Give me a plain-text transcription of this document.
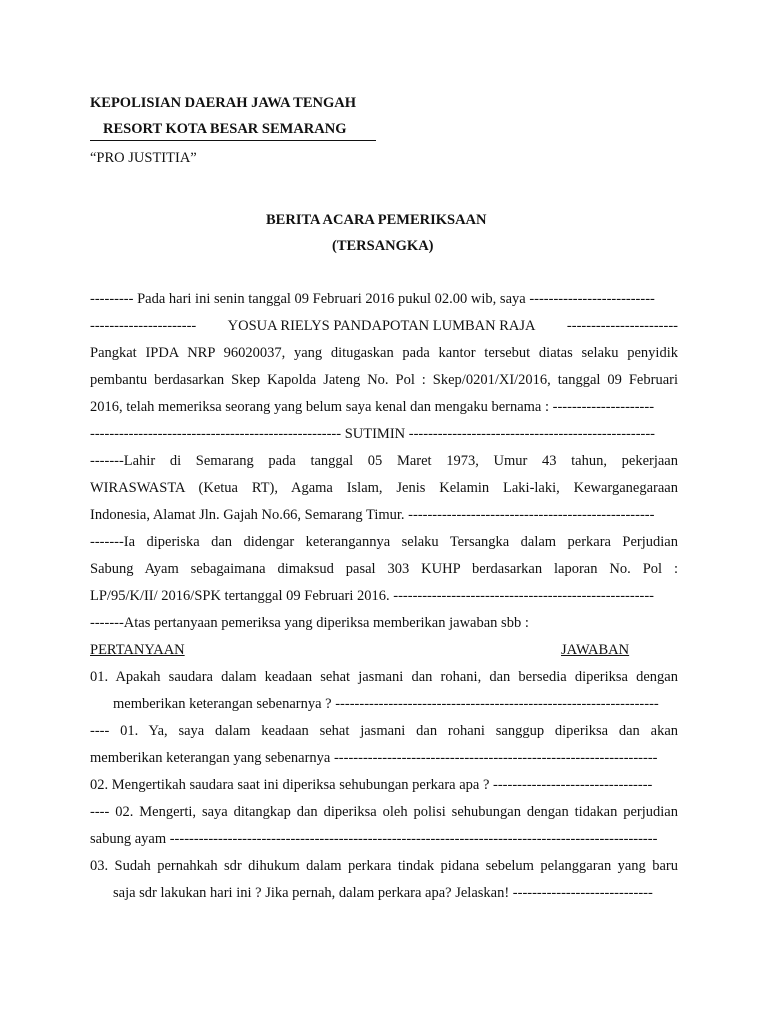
KEPOLISIAN DAERAH JAWA TENGAH
RESORT KOTA BESAR SEMARANG
“PRO JUSTITIA”
BERITA ACARA PEMERIKSAAN
(TERSANGKA)
--------- Pada hari ini senin tanggal 09 Februari 2016 pukul 02.00 wib, saya --------------------------
---------------------- YOSUA RIELYS PANDAPOTAN LUMBAN RAJA -----------------------
Pangkat IPDA NRP 96020037, yang ditugaskan pada kantor tersebut diatas selaku penyidik
pembantu berdasarkan Skep Kapolda Jateng No. Pol : Skep/0201/XI/2016, tanggal 09 Februari
2016, telah memeriksa seorang yang belum saya kenal dan mengaku bernama : ---------------------
---------------------------------------------------- SUTIMIN ---------------------------------------------------
-------Lahir di Semarang pada tanggal 05 Maret 1973, Umur 43 tahun, pekerjaan
WIRASWASTA (Ketua RT), Agama Islam, Jenis Kelamin Laki-laki, Kewarganegaraan
Indonesia, Alamat Jln. Gajah No.66, Semarang Timur. ---------------------------------------------------
-------Ia diperiska dan didengar keterangannya selaku Tersangka dalam perkara Perjudian
Sabung Ayam sebagaimana dimaksud pasal 303 KUHP berdasarkan laporan No. Pol :
LP/95/K/II/ 2016/SPK tertanggal 09 Februari 2016. ------------------------------------------------------
-------Atas pertanyaan pemeriksa yang diperiksa memberikan jawaban sbb :
PERTANYAAN	JAWABAN
01. Apakah saudara dalam keadaan sehat jasmani dan rohani, dan bersedia diperiksa dengan
memberikan keterangan sebenarnya ? -------------------------------------------------------------------
---- 01. Ya, saya dalam keadaan sehat jasmani dan rohani sanggup diperiksa dan akan
memberikan keterangan yang sebenarnya -------------------------------------------------------------------
02. Mengertikah saudara saat ini diperiksa sehubungan perkara apa ? ---------------------------------
---- 02. Mengerti, saya ditangkap dan diperiksa oleh polisi sehubungan dengan tidakan perjudian
sabung ayam -----------------------------------------------------------------------------------------------------
03. Sudah pernahkah sdr dihukum dalam perkara tindak pidana sebelum pelanggaran yang baru
saja sdr lakukan hari ini ? Jika pernah, dalam perkara apa? Jelaskan! -----------------------------
